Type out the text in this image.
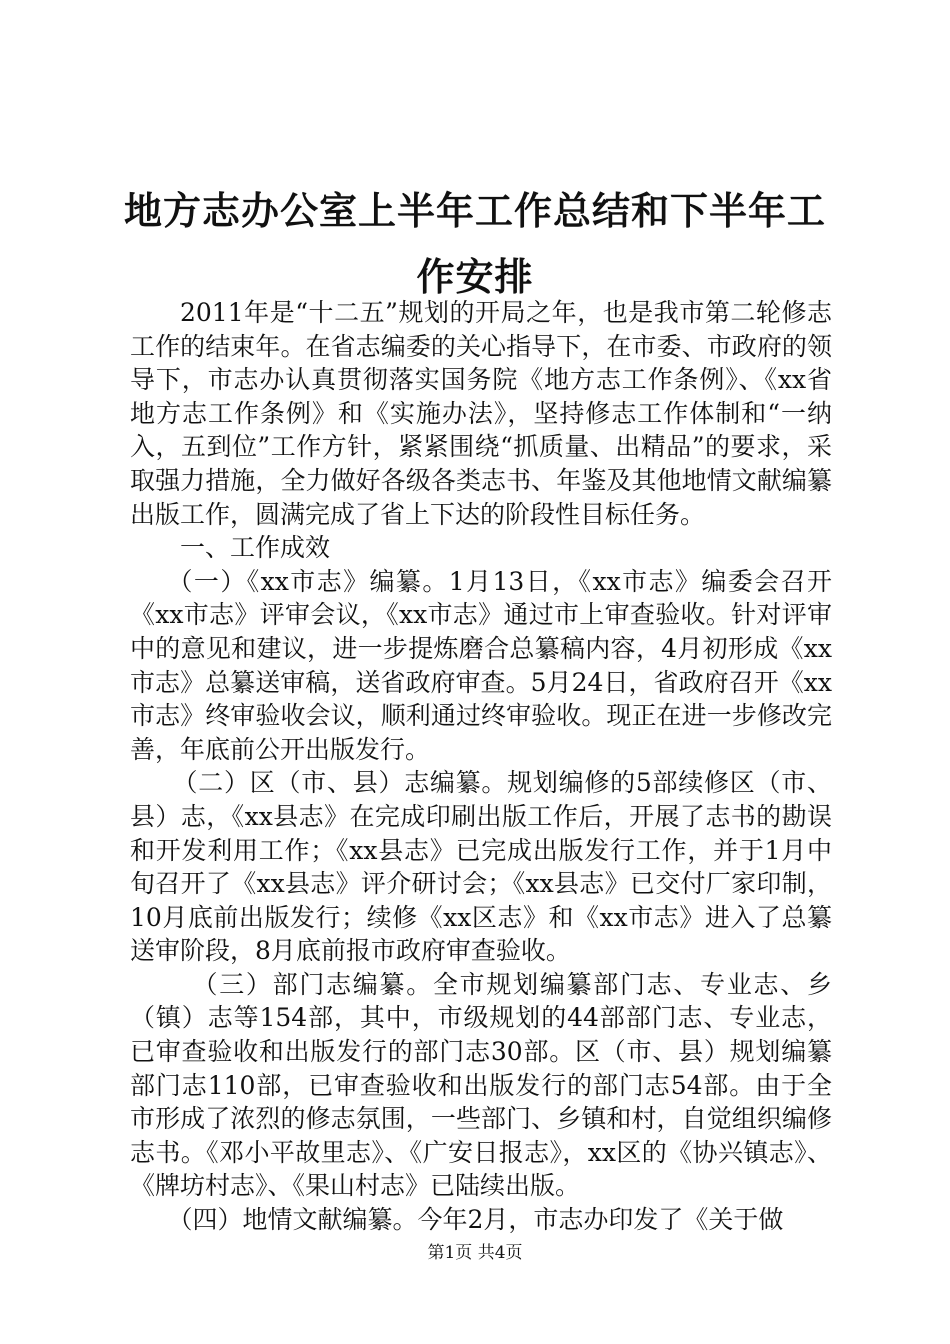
地方志办公室上半年工作总结和下半年工作安排

2011年是“十二五”规划的开局之年，也是我市第二轮修志工作的结束年。在省志编委的关心指导下，在市委、市政府的领导下，市志办认真贯彻落实国务院《地方志工作条例》、《xx省地方志工作条例》和《实施办法》，坚持修志工作体制和“一纳入，五到位”工作方针，紧紧围绕“抓质量、出精品”的要求，采取强力措施，全力做好各级各类志书、年鉴及其他地情文献编纂出版工作，圆满完成了省上下达的阶段性目标任务。

一、工作成效

（一）《xx市志》编纂。1月13日，《xx市志》编委会召开《xx市志》评审会议，《xx市志》通过市上审查验收。针对评审中的意见和建议，进一步提炼磨合总纂稿内容，4月初形成《xx市志》总纂送审稿，送省政府审查。5月24日，省政府召开《xx市志》终审验收会议，顺利通过终审验收。现正在进一步修改完善，年底前公开出版发行。

（二）区（市、县）志编纂。规划编修的5部续修区（市、县）志，《xx县志》在完成印刷出版工作后，开展了志书的勘误和开发利用工作；《xx县志》已完成出版发行工作，并于1月中旬召开了《xx县志》评介研讨会；《xx县志》已交付厂家印制，10月底前出版发行；续修《xx区志》和《xx市志》进入了总纂送审阶段，8月底前报市政府审查验收。

（三）部门志编纂。全市规划编纂部门志、专业志、乡（镇）志等154部，其中，市级规划的44部部门志、专业志，已审查验收和出版发行的部门志30部。区（市、县）规划编纂部门志110部，已审查验收和出版发行的部门志54部。由于全市形成了浓烈的修志氛围，一些部门、乡镇和村，自觉组织编修志书。《邓小平故里志》、《广安日报志》，xx区的《协兴镇志》、《牌坊村志》、《果山村志》已陆续出版。

（四）地情文献编纂。今年2月，市志办印发了《关于做

第1页 共4页
